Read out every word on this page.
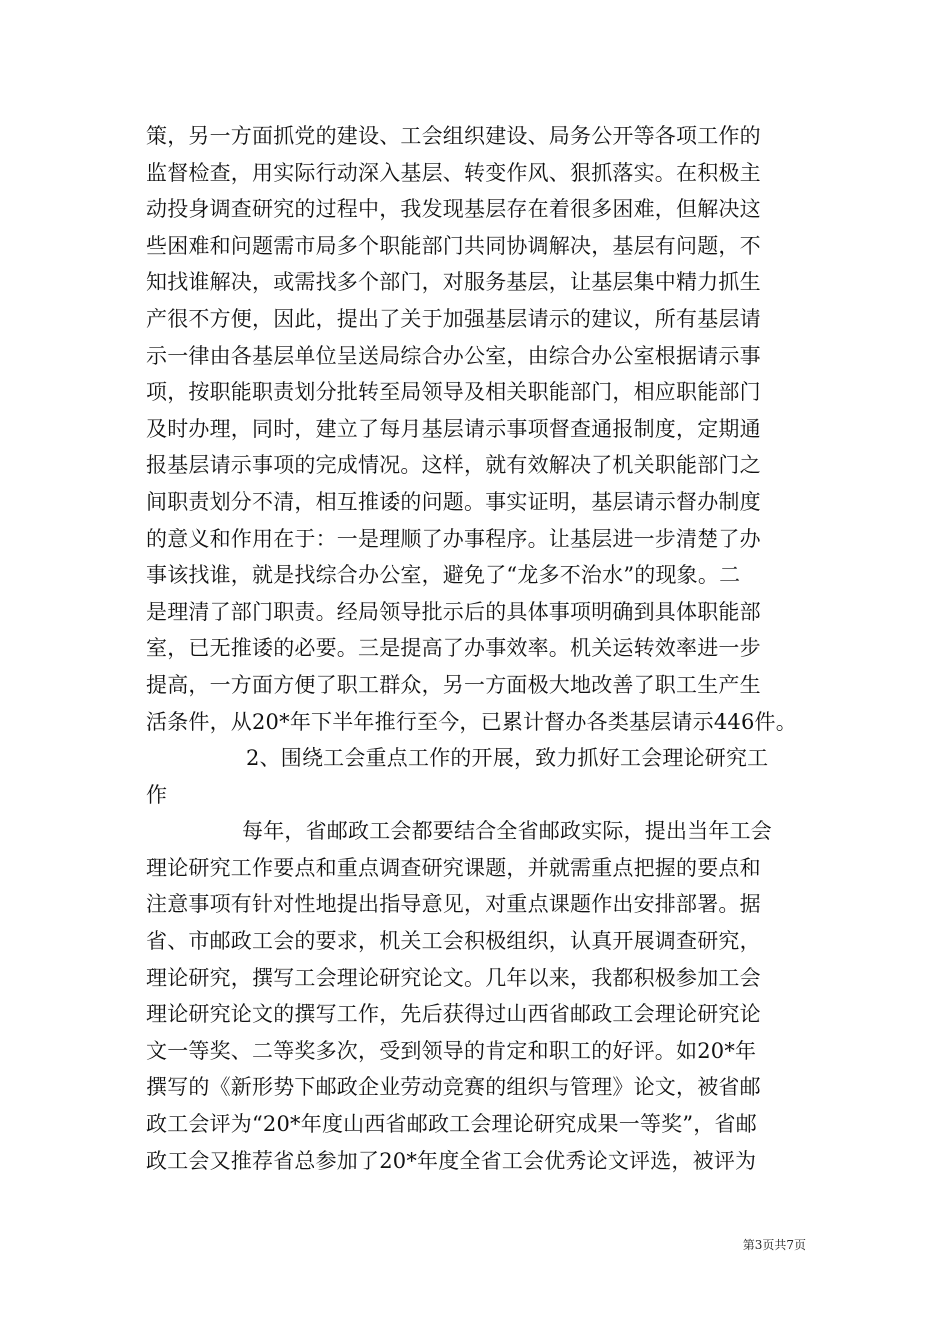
策，另一方面抓党的建设、工会组织建设、局务公开等各项工作的
监督检查，用实际行动深入基层、转变作风、狠抓落实。在积极主
动投身调查研究的过程中，我发现基层存在着很多困难，但解决这
些困难和问题需市局多个职能部门共同协调解决，基层有问题，不
知找谁解决，或需找多个部门，对服务基层，让基层集中精力抓生
产很不方便，因此，提出了关于加强基层请示的建议，所有基层请
示一律由各基层单位呈送局综合办公室，由综合办公室根据请示事
项，按职能职责划分批转至局领导及相关职能部门，相应职能部门
及时办理，同时，建立了每月基层请示事项督查通报制度，定期通
报基层请示事项的完成情况。这样，就有效解决了机关职能部门之
间职责划分不清，相互推诿的问题。事实证明，基层请示督办制度
的意义和作用在于：一是理顺了办事程序。让基层进一步清楚了办
事该找谁，就是找综合办公室，避免了“龙多不治水”的现象。二
是理清了部门职责。经局领导批示后的具体事项明确到具体职能部
室，已无推诿的必要。三是提高了办事效率。机关运转效率进一步
提高，一方面方便了职工群众，另一方面极大地改善了职工生产生
活条件，从20*年下半年推行至今，已累计督办各类基层请示446件。
2、围绕工会重点工作的开展，致力抓好工会理论研究工
作
每年，省邮政工会都要结合全省邮政实际，提出当年工会
理论研究工作要点和重点调查研究课题，并就需重点把握的要点和
注意事项有针对性地提出指导意见，对重点课题作出安排部署。据
省、市邮政工会的要求，机关工会积极组织，认真开展调查研究，
理论研究，撰写工会理论研究论文。几年以来，我都积极参加工会
理论研究论文的撰写工作，先后获得过山西省邮政工会理论研究论
文一等奖、二等奖多次，受到领导的肯定和职工的好评。如20*年
撰写的《新形势下邮政企业劳动竞赛的组织与管理》论文，被省邮
政工会评为“20*年度山西省邮政工会理论研究成果一等奖”，省邮
政工会又推荐省总参加了20*年度全省工会优秀论文评选，被评为
第3页共7页
